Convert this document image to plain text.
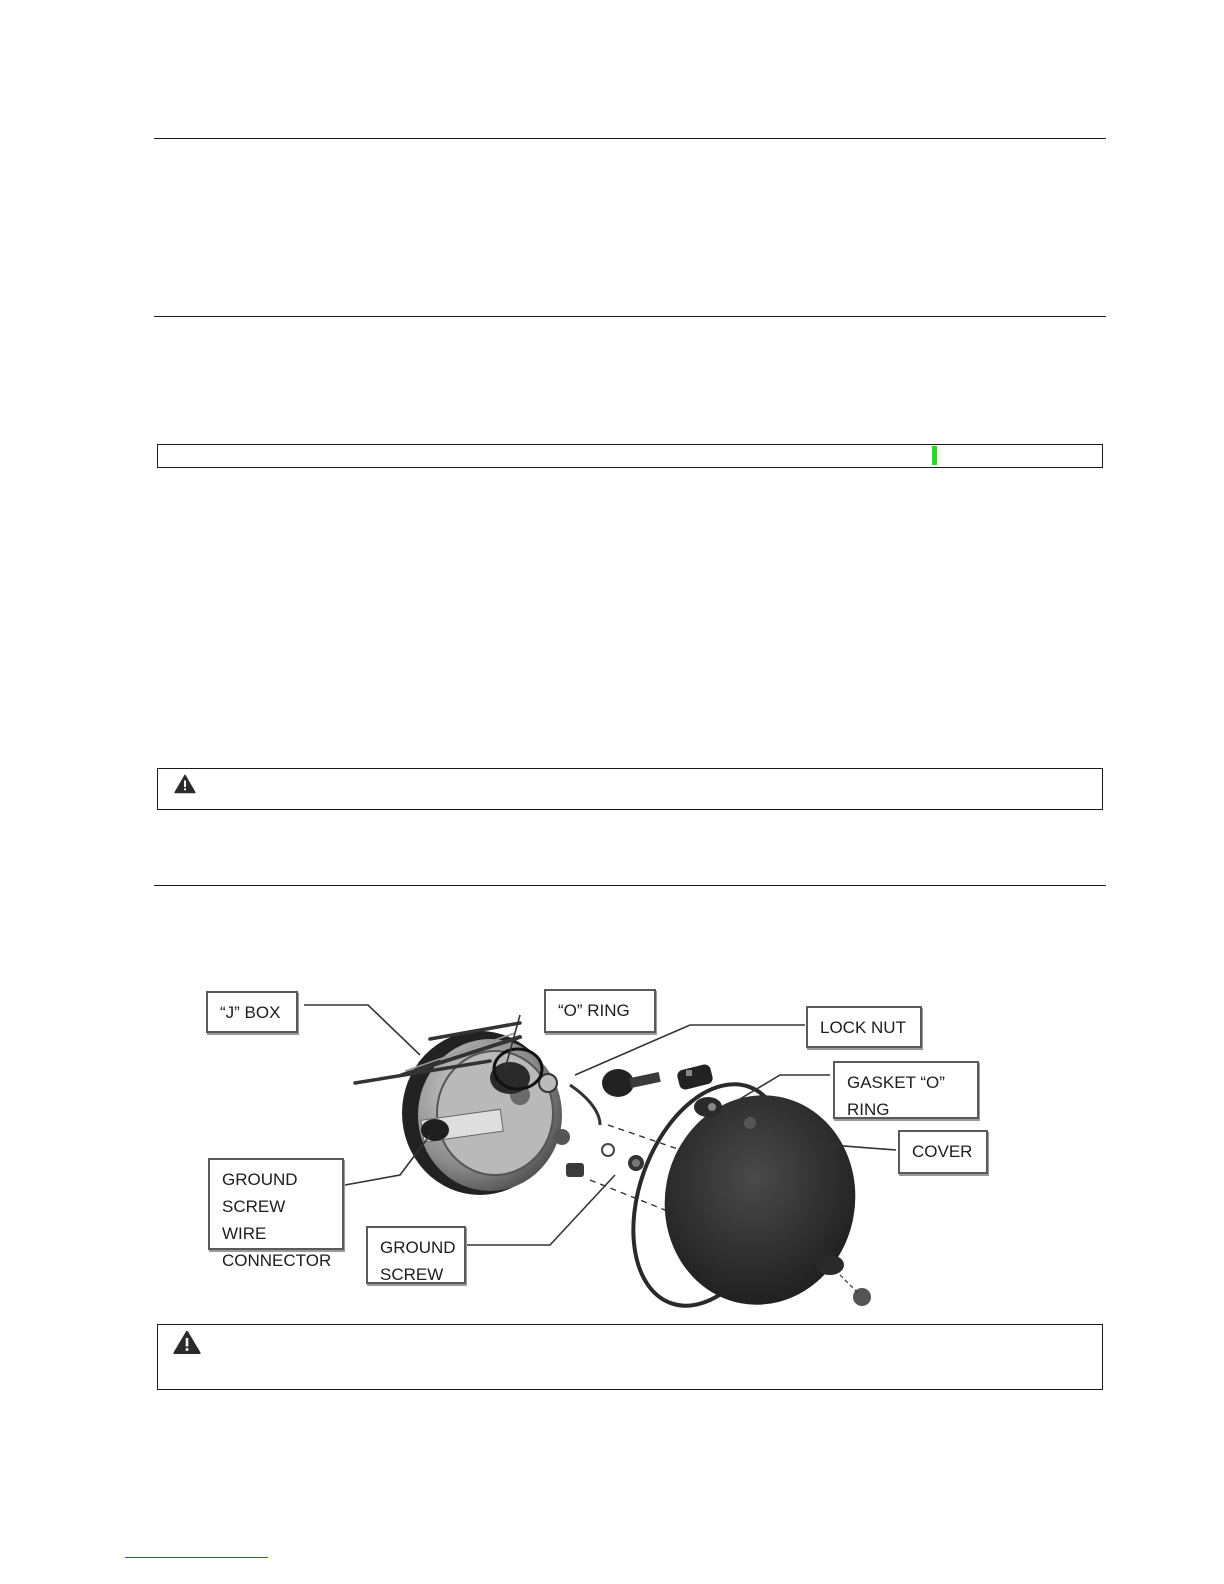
“J” BOX	“O” RING
LOCK NUT
GASKET “O”
RING
COVER
GROUND
SCREW WIRE
CONNECTOR
GROUND
SCREW
